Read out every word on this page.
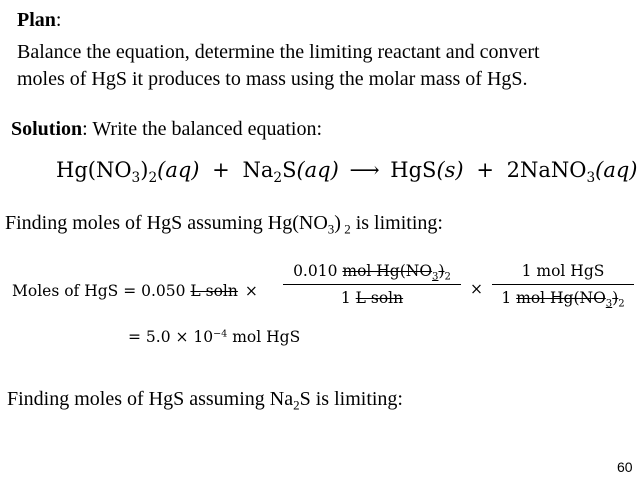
Plan:
Balance the equation, determine the limiting reactant and convert
moles of HgS it produces to mass using the molar mass of HgS.
Solution: Write the balanced equation:
$Hg(NO_3)_2(aq) + Na_2S(aq)$ ⟶ HgS(s) + 2NaNO$_3$(aq)
Finding moles of HgS assuming $Hg(NO_3)$ $_2$ is limiting:
Moles of HgS = 0.050 L soln ×
0.010 mol $Hg(NO_3)_2$
1 L soln	×
1 mol HgS
1 mol $Hg(NO_3)_2$
= $5.0 \times 10^{-4}$ mol HgS
Finding moles of HgS assuming $Na_2S$ is limiting:
60
